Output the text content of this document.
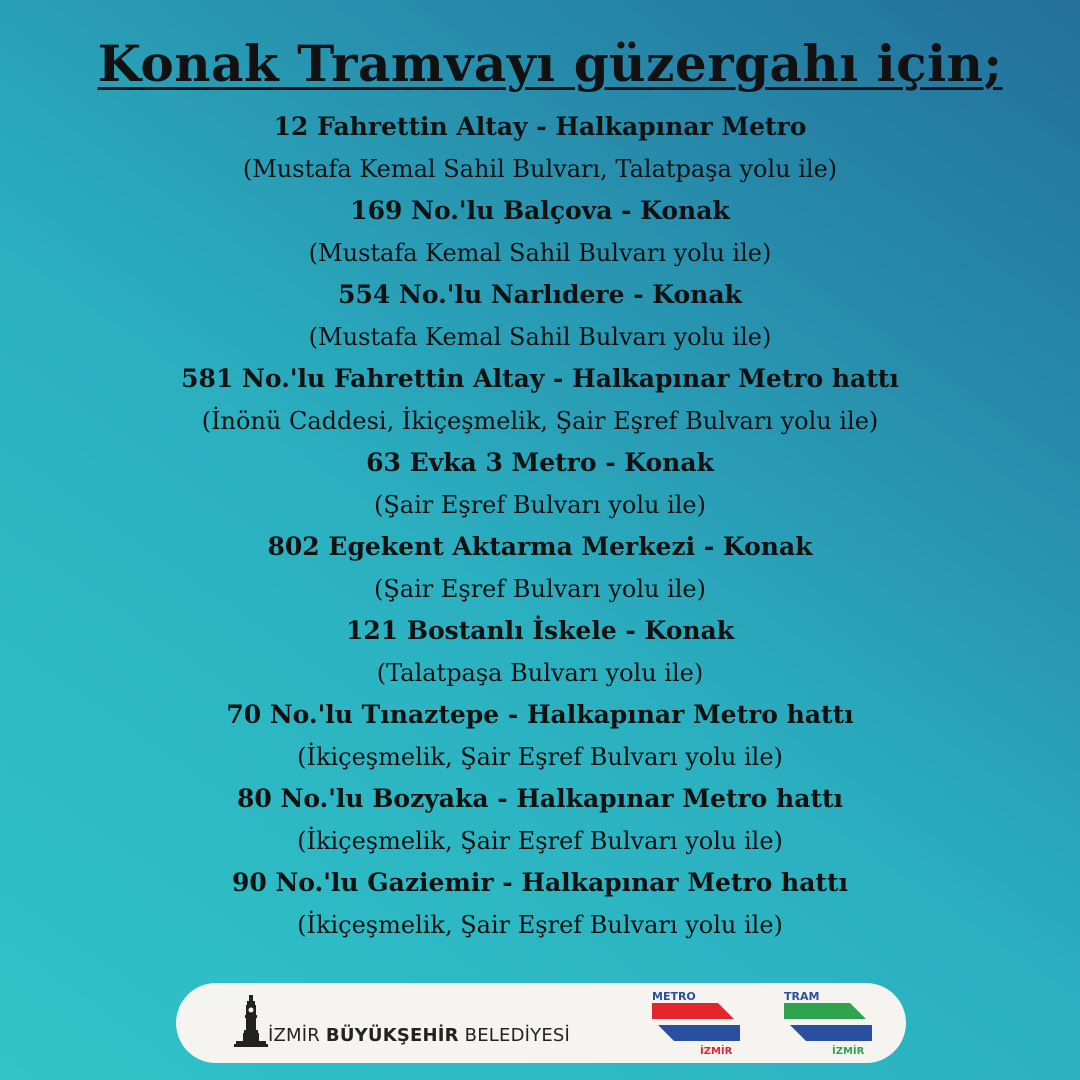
Konak Tramvayı güzergahı için;
12 Fahrettin Altay - Halkapınar Metro
(Mustafa Kemal Sahil Bulvarı, Talatpaşa yolu ile)
169 No.'lu Balçova - Konak
(Mustafa Kemal Sahil Bulvarı yolu ile)
554 No.'lu Narlıdere - Konak
(Mustafa Kemal Sahil Bulvarı yolu ile)
581 No.'lu Fahrettin Altay - Halkapınar Metro hattı
(İnönü Caddesi, İkiçeşmelik, Şair Eşref Bulvarı yolu ile)
63 Evka 3 Metro - Konak
(Şair Eşref Bulvarı yolu ile)
802 Egekent Aktarma Merkezi - Konak
(Şair Eşref Bulvarı yolu ile)
121 Bostanlı İskele - Konak
(Talatpaşa Bulvarı yolu ile)
70 No.'lu Tınaztepe - Halkapınar Metro hattı
(İkiçeşmelik, Şair Eşref Bulvarı yolu ile)
80 No.'lu Bozyaka - Halkapınar Metro hattı
(İkiçeşmelik, Şair Eşref Bulvarı yolu ile)
90 No.'lu Gaziemir - Halkapınar Metro hattı
(İkiçeşmelik, Şair Eşref Bulvarı yolu ile)
İZMİR BÜYÜKŞEHİR BELEDİYESİ
METRO
İZMİR
TRAM
İZMİR
